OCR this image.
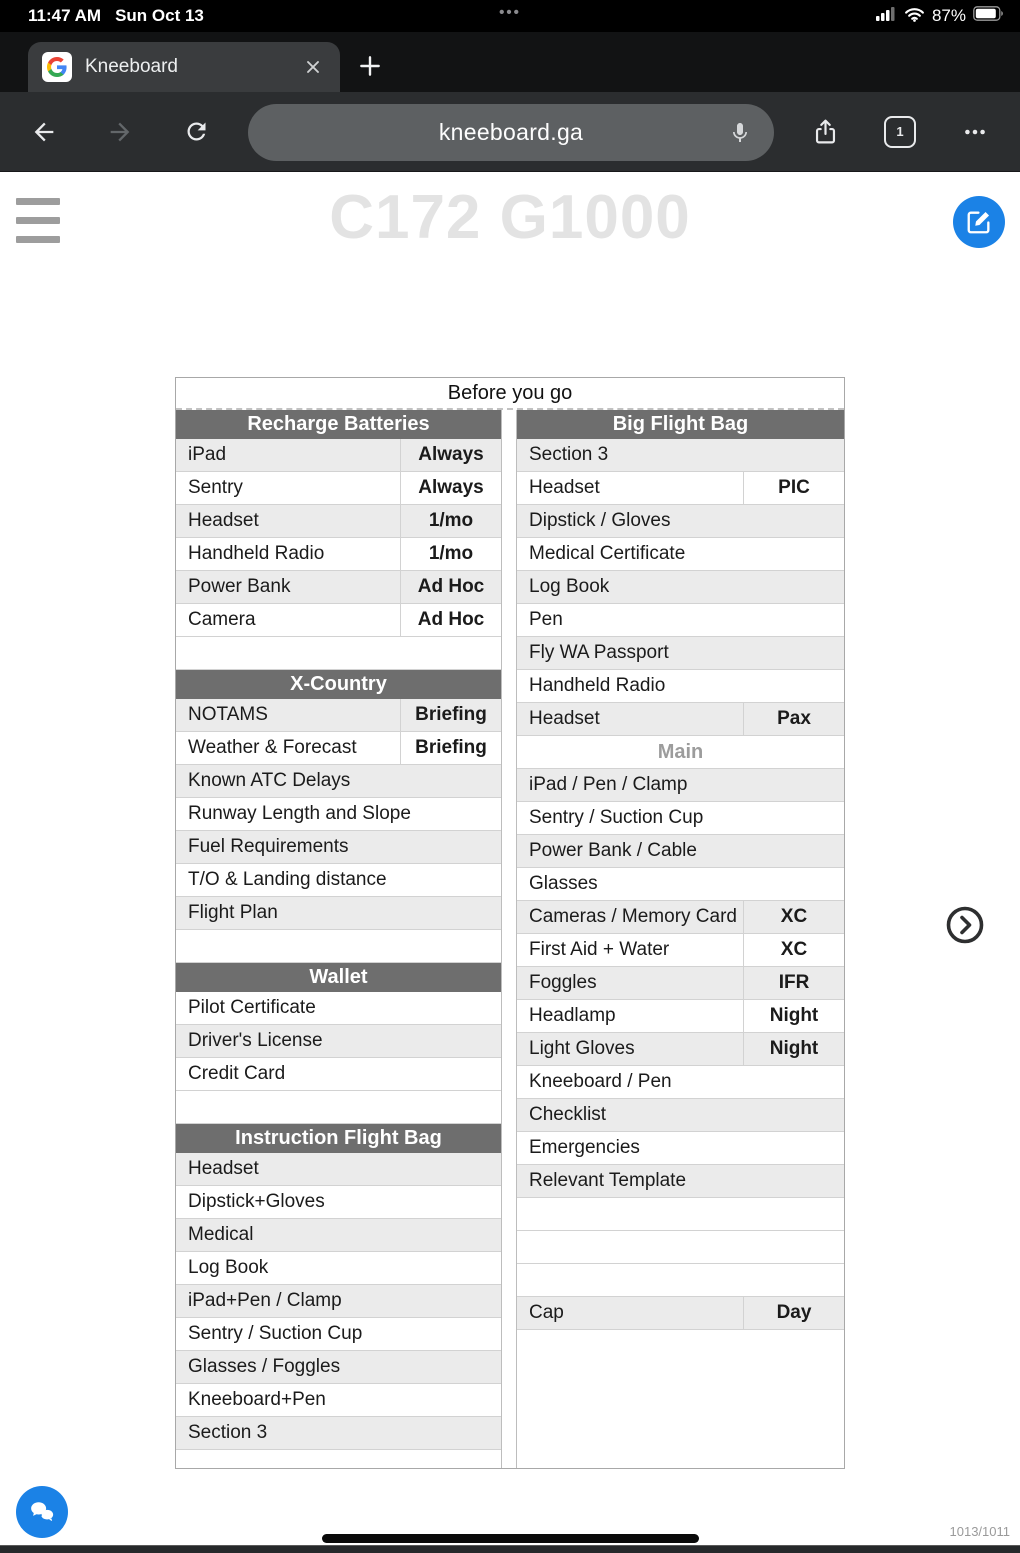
11:47 AM Sun Oct 13	•••	87%
Kneeboard
kneeboard.ga	1
C172 G1000
Before you go
Recharge Batteries
iPad	Always
Sentry	Always
Headset	1/mo
Handheld Radio	1/mo
Power Bank	Ad Hoc
Camera	Ad Hoc
X-Country
NOTAMS	Briefing
Weather & Forecast	Briefing
Known ATC Delays
Runway Length and Slope
Fuel Requirements
T/O & Landing distance
Flight Plan
Wallet
Pilot Certificate
Driver's License
Credit Card
Instruction Flight Bag
Headset
Dipstick+Gloves
Medical
Log Book
iPad+Pen / Clamp
Sentry / Suction Cup
Glasses / Foggles
Kneeboard+Pen
Section 3
Big Flight Bag
Section 3
Headset	PIC
Dipstick / Gloves
Medical Certificate
Log Book
Pen
Fly WA Passport
Handheld Radio
Headset	Pax
Main
iPad / Pen / Clamp
Sentry / Suction Cup
Power Bank / Cable
Glasses
Cameras / Memory Card	XC
First Aid + Water	XC
Foggles	IFR
Headlamp	Night
Light Gloves	Night
Kneeboard / Pen
Checklist
Emergencies
Relevant Template
Cap	Day
1013/1011
